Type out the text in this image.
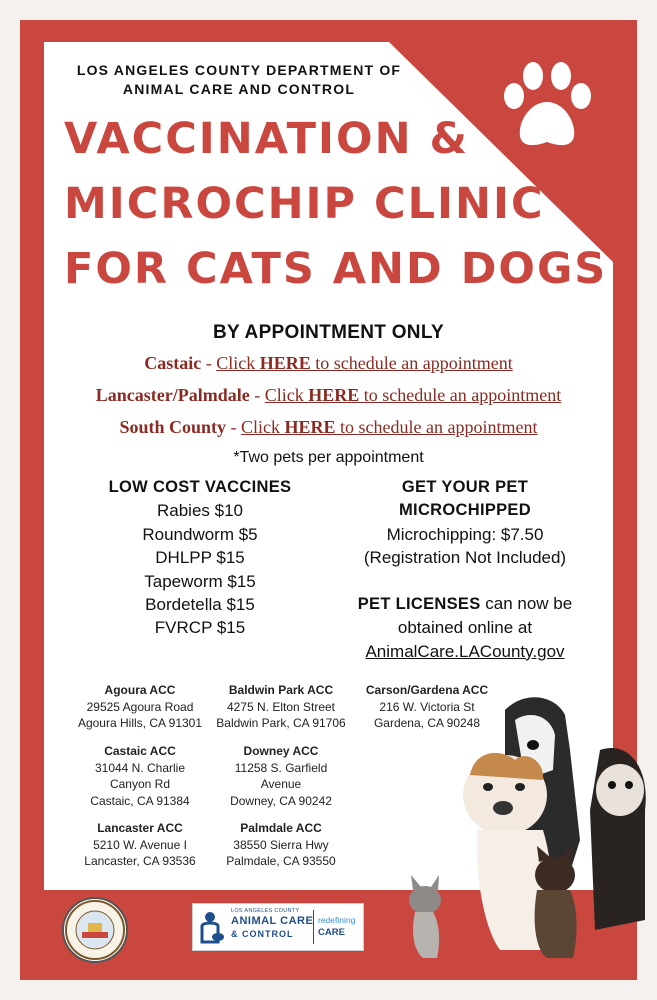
LOS ANGELES COUNTY DEPARTMENT OF
ANIMAL CARE AND CONTROL
VACCINATION &
MICROCHIP CLINIC
FOR CATS AND DOGS
BY APPOINTMENT ONLY
Castaic - Click HERE to schedule an appointment
Lancaster/Palmdale - Click HERE to schedule an appointment
South County - Click HERE to schedule an appointment
*Two pets per appointment
LOW COST VACCINES
Rabies $10
Roundworm $5
DHLPP $15
Tapeworm $15
Bordetella $15
FVRCP $15
GET YOUR PET
MICROCHIPPED
Microchipping: $7.50
(Registration Not Included)
PET LICENSES can now be
obtained online at
AnimalCare.LACounty.gov
Agoura ACC
29525 Agoura Road
Agoura Hills, CA 91301
Baldwin Park ACC
4275 N. Elton Street
Baldwin Park, CA 91706
Carson/Gardena ACC
216 W. Victoria St
Gardena, CA 90248
Castaic ACC
31044 N. Charlie
Canyon Rd
Castaic, CA 91384
Downey ACC
11258 S. Garfield
Avenue
Downey, CA 90242
Lancaster ACC
5210 W. Avenue I
Lancaster, CA 93536
Palmdale ACC
38550 Sierra Hwy
Palmdale, CA 93550
LOS ANGELES COUNTY
ANIMAL CARE
& CONTROL
redefining
CARE
